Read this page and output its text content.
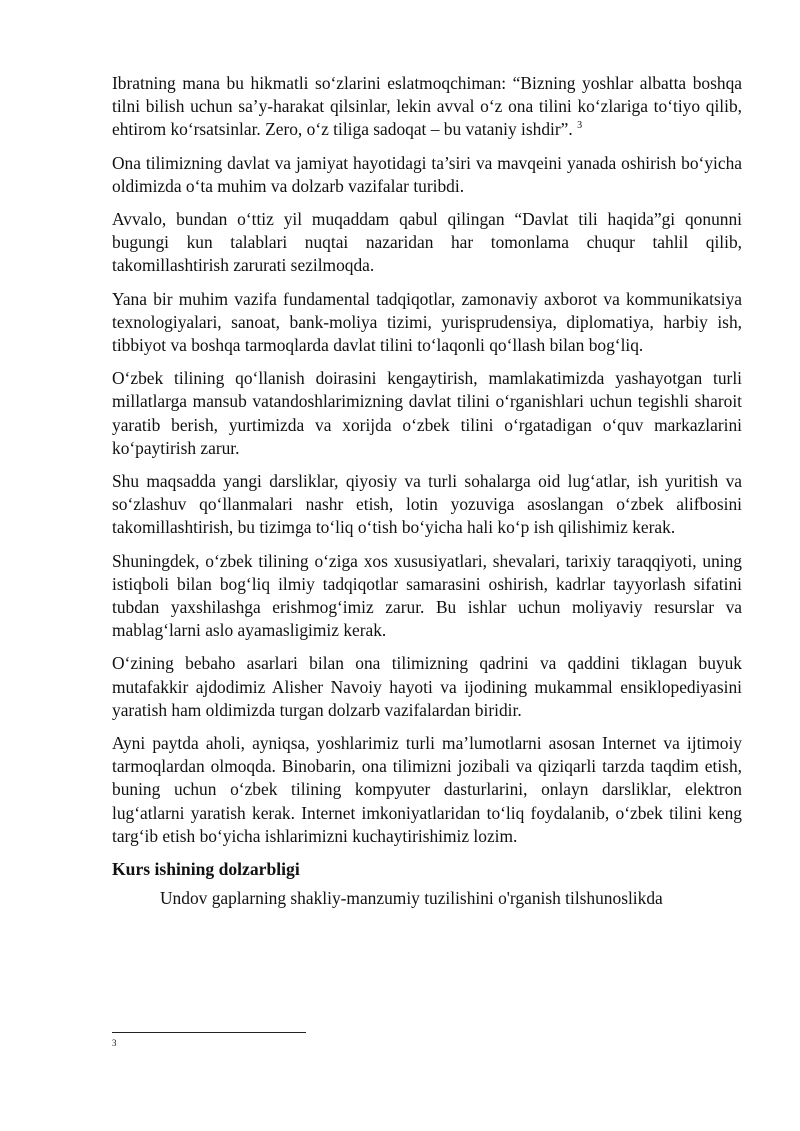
Ibratning mana bu hikmatli so‘zlarini eslatmoqchiman: “Bizning yoshlar albatta boshqa tilni bilish uchun sa’y-harakat qilsinlar, lekin avval o‘z ona tilini ko‘zlariga to‘tiyo qilib, ehtirom ko‘rsatsinlar. Zero, o‘z tiliga sadoqat – bu vataniy ishdir”. $^3$

Ona tilimizning davlat va jamiyat hayotidagi ta’siri va mavqeini yanada oshirish bo‘yicha oldimizda o‘ta muhim va dolzarb vazifalar turibdi.

Avvalo, bundan o‘ttiz yil muqaddam qabul qilingan “Davlat tili haqida”gi qonunni bugungi kun talablari nuqtai nazaridan har tomonlama chuqur tahlil qilib, takomillashtirish zarurati sezilmoqda.

Yana bir muhim vazifa fundamental tadqiqotlar, zamonaviy axborot va kommunikatsiya texnologiyalari, sanoat, bank-moliya tizimi, yurisprudensiya, diplomatiya, harbiy ish, tibbiyot va boshqa tarmoqlarda davlat tilini to‘laqonli qo‘llash bilan bog‘liq.

O‘zbek tilining qo‘llanish doirasini kengaytirish, mamlakatimizda yashayotgan turli millatlarga mansub vatandoshlarimizning davlat tilini o‘rganishlari uchun tegishli sharoit yaratib berish, yurtimizda va xorijda o‘zbek tilini o‘rgatadigan o‘quv markazlarini ko‘paytirish zarur.

Shu maqsadda yangi darsliklar, qiyosiy va turli sohalarga oid lug‘atlar, ish yuritish va so‘zlashuv qo‘llanmalari nashr etish, lotin yozuviga asoslangan o‘zbek alifbosini takomillashtirish, bu tizimga to‘liq o‘tish bo‘yicha hali ko‘p ish qilishimiz kerak.

Shuningdek, o‘zbek tilining o‘ziga xos xususiyatlari, shevalari, tarixiy taraqqiyoti, uning istiqboli bilan bog‘liq ilmiy tadqiqotlar samarasini oshirish, kadrlar tayyorlash sifatini tubdan yaxshilashga erishmog‘imiz zarur. Bu ishlar uchun moliyaviy resurslar va mablag‘larni aslo ayamasligimiz kerak.

O‘zining bebaho asarlari bilan ona tilimizning qadrini va qaddini tiklagan buyuk mutafakkir ajdodimiz Alisher Navoiy hayoti va ijodining mukammal ensiklopediyasini yaratish ham oldimizda turgan dolzarb vazifalardan biridir.

Ayni paytda aholi, ayniqsa, yoshlarimiz turli ma’lumotlarni asosan Internet va ijtimoiy tarmoqlardan olmoqda. Binobarin, ona tilimizni jozibali va qiziqarli tarzda taqdim etish, buning uchun o‘zbek tilining kompyuter dasturlarini, onlayn darsliklar, elektron lug‘atlarni yaratish kerak. Internet imkoniyatlaridan to‘liq foydalanib, o‘zbek tilini keng targ‘ib etish bo‘yicha ishlarimizni kuchaytirishimiz lozim.

Kurs ishining dolzarbligi

Undov gaplarning shakliy-manzumiy tuzilishini o'rganish tilshunoslikda

3
